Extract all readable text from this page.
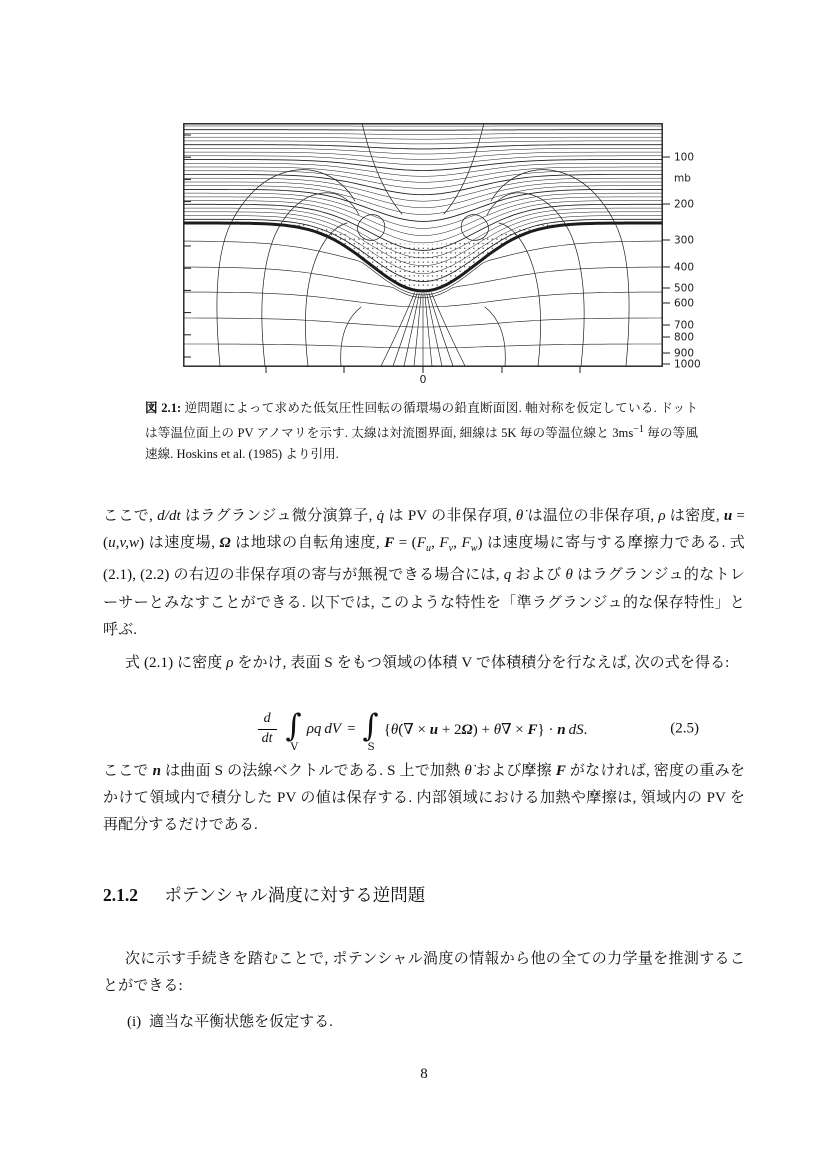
100
mb
200
300
400
500
600
700
800
900
1000
0
図 2.1: 逆問題によって求めた低気圧性回転の循環場の鉛直断面図. 軸対称を仮定している. ドットは等温位面上の PV アノマリを示す. 太線は対流圏界面, 細線は 5K 毎の等温位線と $3ms^{-1}$ 毎の等風速線. Hoskins et al. (1985) より引用.

ここで, d/dt はラグランジュ微分演算子, q̇ は PV の非保存項, θ̇ は温位の非保存項, ρ は密度, u = (u,v,w) は速度場, Ω は地球の自転角速度, $F = (F_u$, $F_v$, $F_w$) は速度場に寄与する摩擦力である. 式 (2.1), (2.2) の右辺の非保存項の寄与が無視できる場合には, q および θ はラグランジュ的なトレーサーとみなすことができる. 以下では, このような特性を「準ラグランジュ的な保存特性」と呼ぶ.

式 (2.1) に密度 ρ をかけ, 表面 S をもつ領域の体積 V で体積積分を行なえば, 次の式を得る:

$\frac{d}{dt}$ ∫
V
ρq dV = ∫
S
{θ̇(∇ × u + 2Ω) + θ∇ × F} · n  dS.	(2.5)

ここで n は曲面 S の法線ベクトルである. S 上で加熱 θ̇ および摩擦 F がなければ, 密度の重みをかけて領域内で積分した PV の値は保存する. 内部領域における加熱や摩擦は, 領域内の PV を再配分するだけである.

2.1.2 ポテンシャル渦度に対する逆問題

次に示す手続きを踏むことで, ポテンシャル渦度の情報から他の全ての力学量を推測することができる:

(i) 適当な平衡状態を仮定する.
8
